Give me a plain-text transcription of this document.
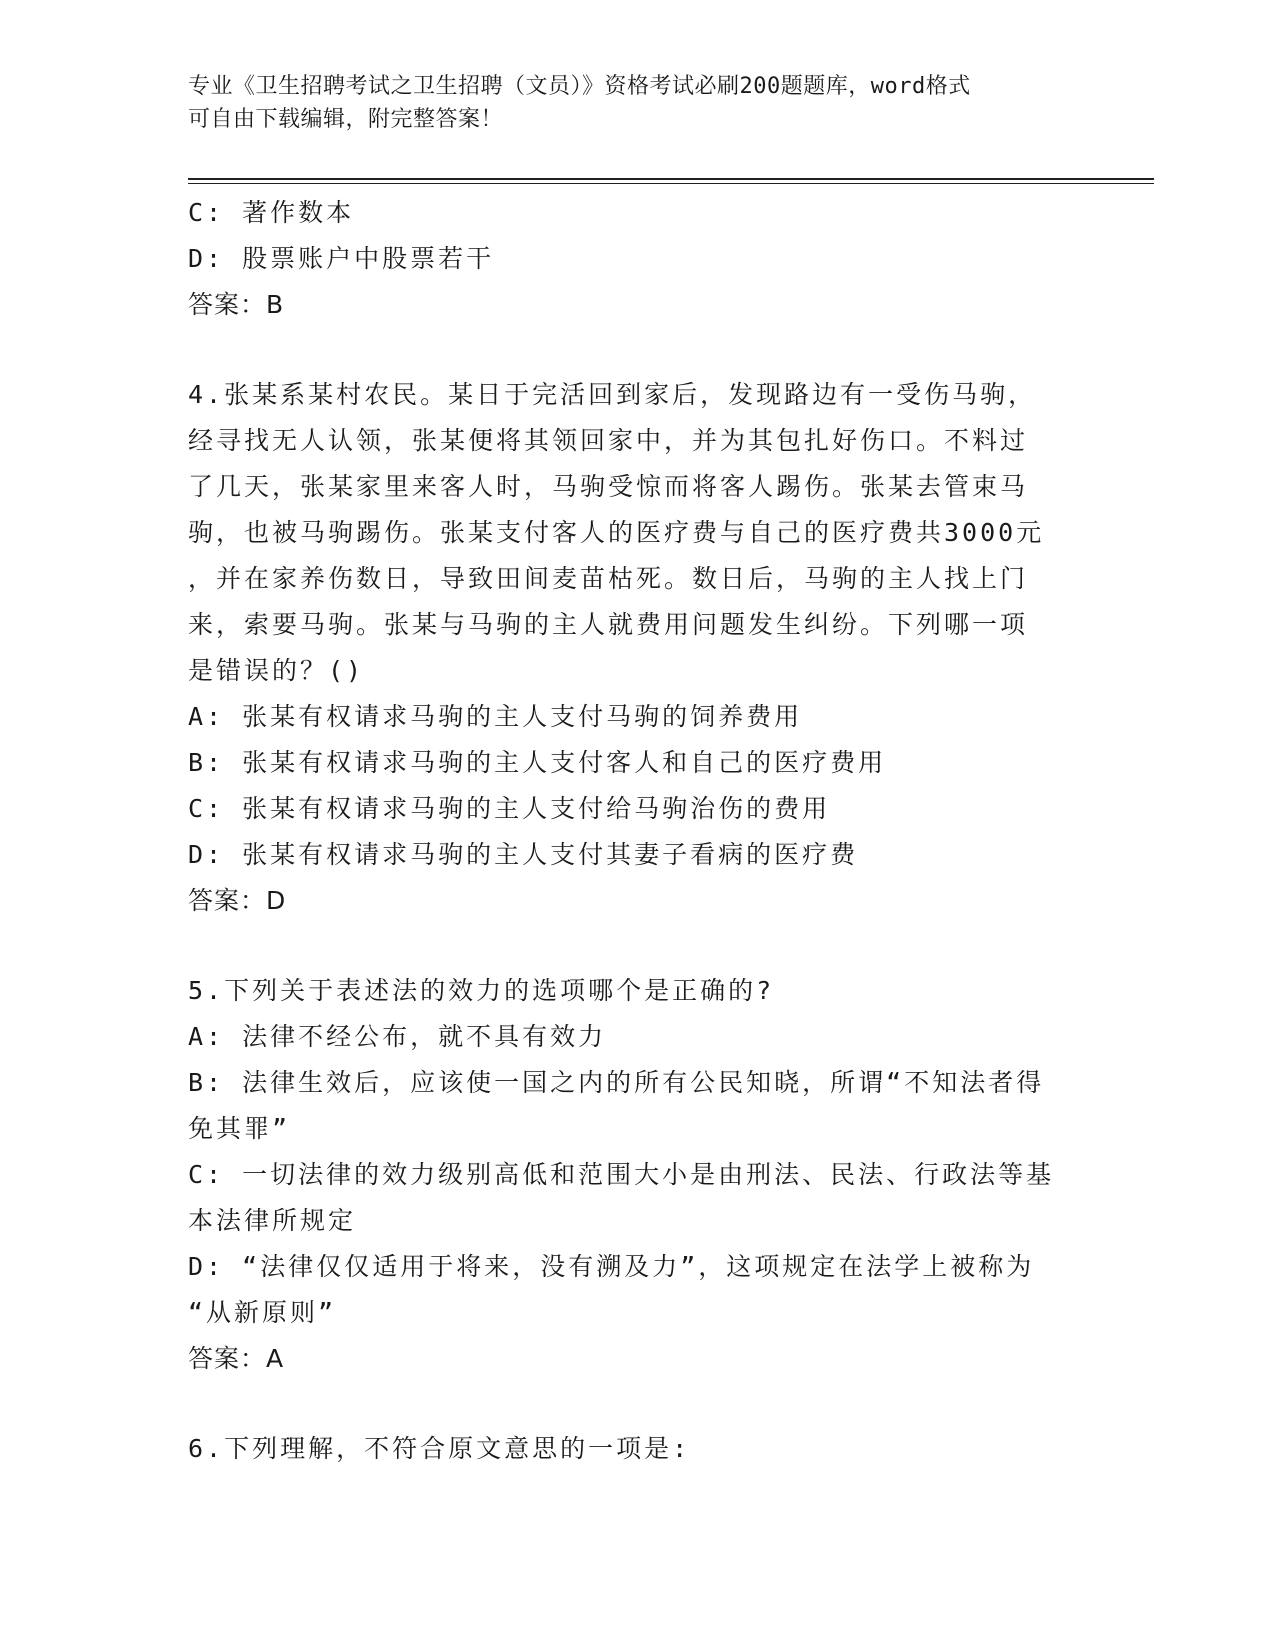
专业《卫生招聘考试之卫生招聘（文员）》资格考试必刷200题题库，word格式
可自由下载编辑，附完整答案！
C: 著作数本
D: 股票账户中股票若干
答案：B
4.张某系某村农民。某日于完活回到家后，发现路边有一受伤马驹，
经寻找无人认领，张某便将其领回家中，并为其包扎好伤口。不料过
了几天，张某家里来客人时，马驹受惊而将客人踢伤。张某去管束马
驹，也被马驹踢伤。张某支付客人的医疗费与自己的医疗费共3000元
，并在家养伤数日，导致田间麦苗枯死。数日后，马驹的主人找上门
来，索要马驹。张某与马驹的主人就费用问题发生纠纷。下列哪一项
是错误的？()
A: 张某有权请求马驹的主人支付马驹的饲养费用
B: 张某有权请求马驹的主人支付客人和自己的医疗费用
C: 张某有权请求马驹的主人支付给马驹治伤的费用
D: 张某有权请求马驹的主人支付其妻子看病的医疗费
答案：D
5.下列关于表述法的效力的选项哪个是正确的?
A: 法律不经公布，就不具有效力
B: 法律生效后，应该使一国之内的所有公民知晓，所谓“不知法者得
免其罪”
C: 一切法律的效力级别高低和范围大小是由刑法、民法、行政法等基
本法律所规定
D: “法律仅仅适用于将来，没有溯及力”，这项规定在法学上被称为
“从新原则”
答案：A
6.下列理解，不符合原文意思的一项是:
